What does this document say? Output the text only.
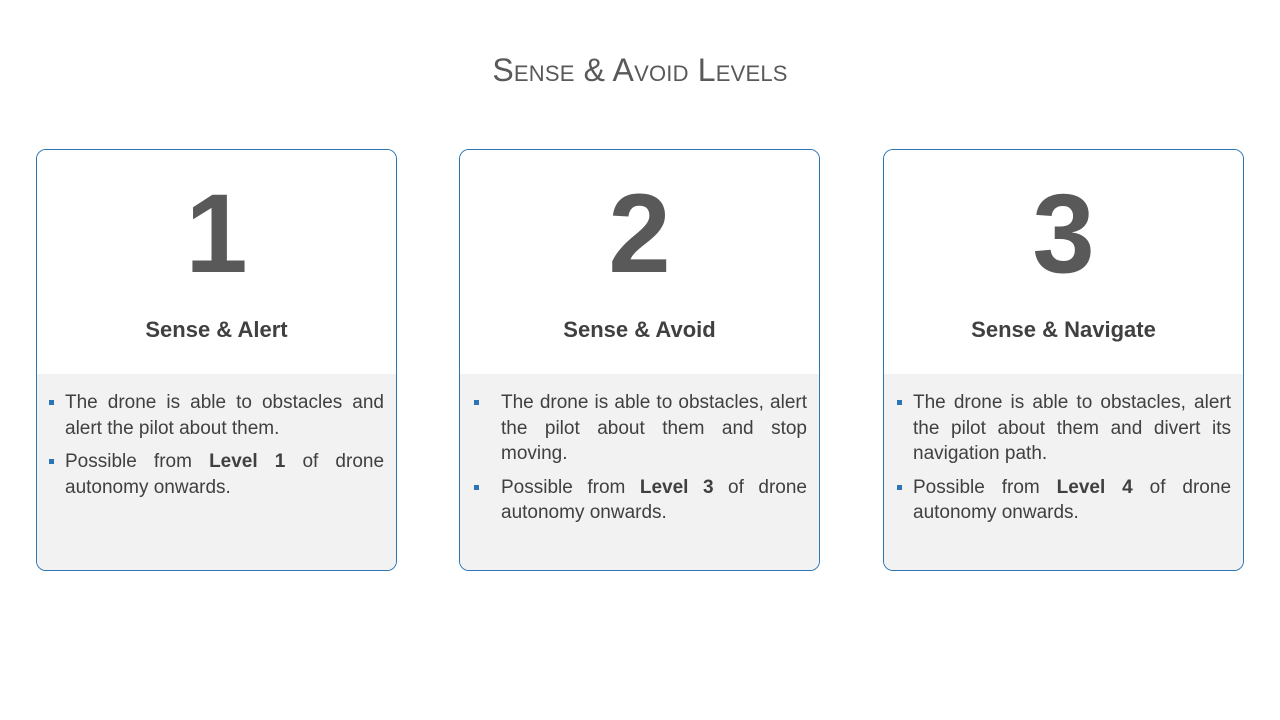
Sense & Avoid Levels
1
Sense & Alert
The drone is able to obstacles and alert the pilot about them.
Possible from Level 1 of drone autonomy onwards.
2
Sense & Avoid
The drone is able to obstacles, alert the pilot about them and stop moving.
Possible from Level 3 of drone autonomy onwards.
3
Sense & Navigate
The drone is able to obstacles, alert the pilot about them and divert its navigation path.
Possible from Level 4 of drone autonomy onwards.
